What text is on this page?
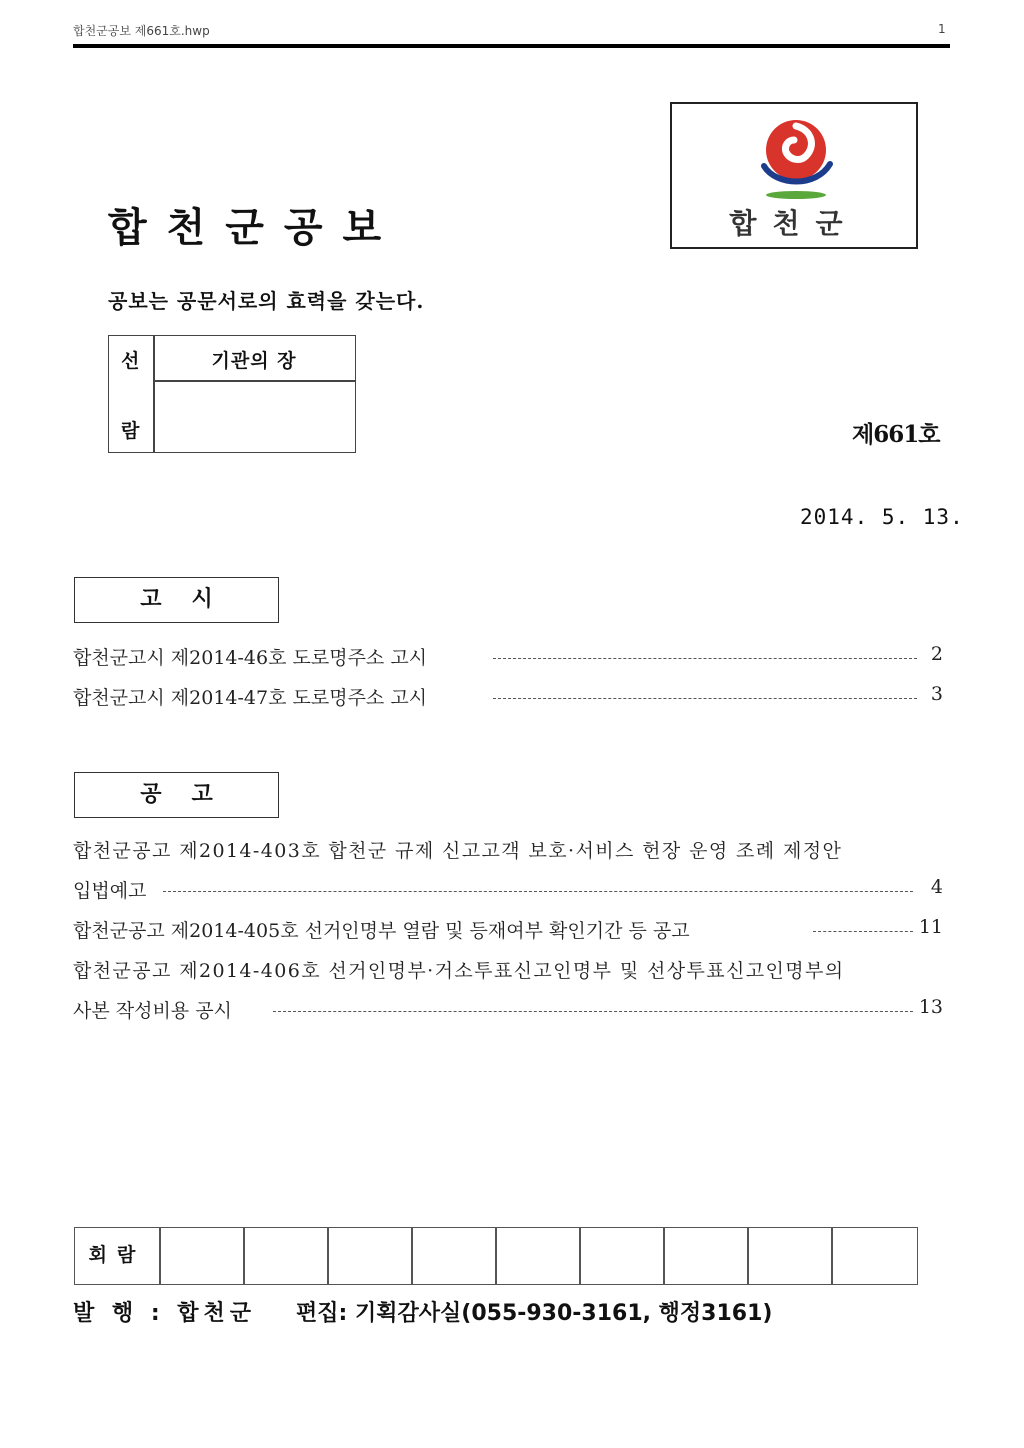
합천군공보 제661호.hwp	1
합천군공보
공보는 공문서로의 효력을 갖는다.
합천군
선
람
기관의 장
제661호
2014. 5. 13.
고시
합천군고시 제2014-46호 도로명주소 고시	2
합천군고시 제2014-47호 도로명주소 고시	3
공고
합천군공고 제2014-403호 합천군 규제 신고고객 보호·서비스 헌장 운영 조례 제정안
입법예고	4
합천군공고 제2014-405호 선거인명부 열람 및 등재여부 확인기간 등 공고	11
합천군공고 제2014-406호 선거인명부·거소투표신고인명부 및 선상투표신고인명부의
사본 작성비용 공시	13
회람
발 행 : 합천군 편집: 기획감사실(055-930-3161, 행정3161)
